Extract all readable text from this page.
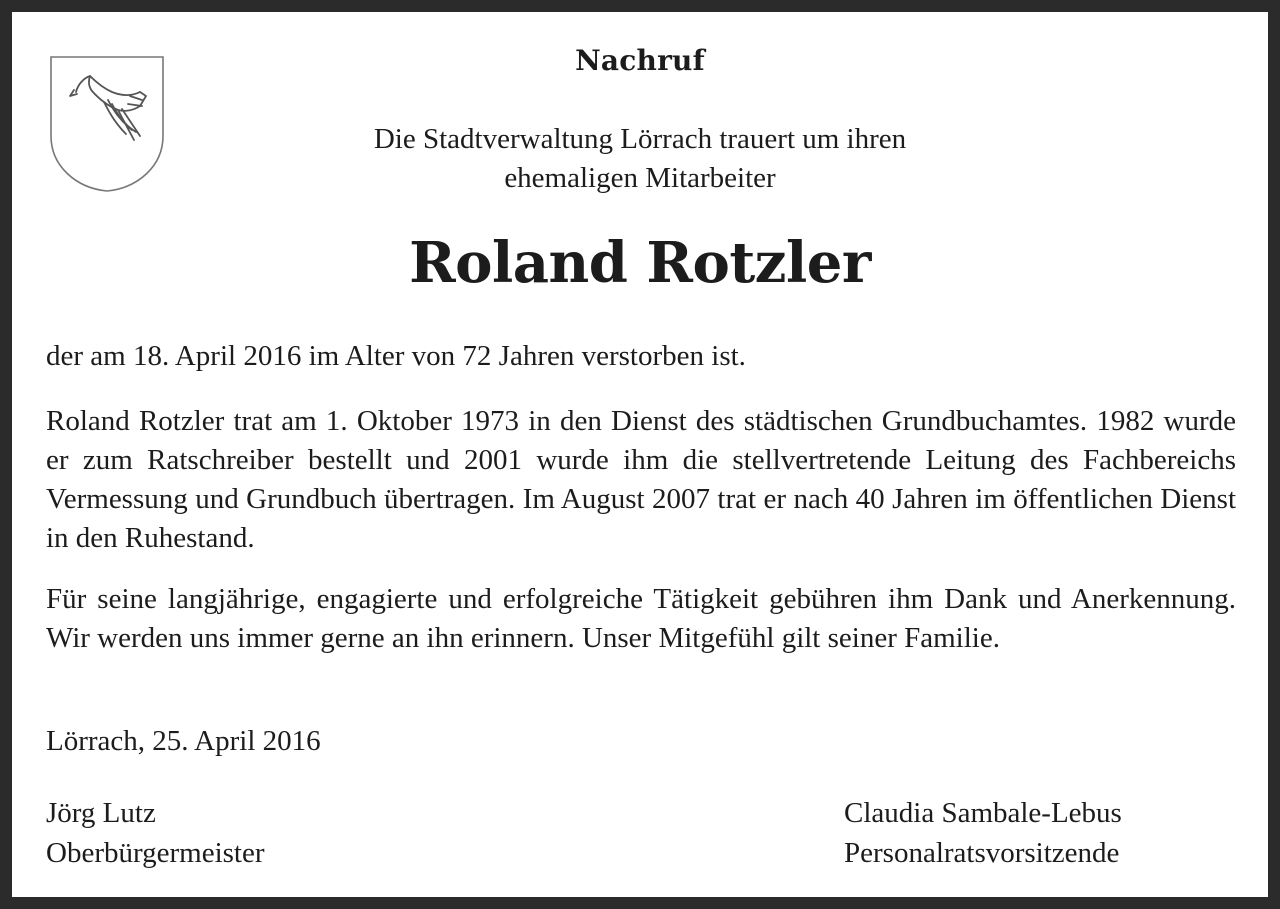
Nachruf
Die Stadtverwaltung Lörrach trauert um ihren
ehemaligen Mitarbeiter
Roland Rotzler
der am 18. April 2016 im Alter von 72 Jahren verstorben ist.
Roland Rotzler trat am 1. Oktober 1973 in den Dienst des städtischen Grundbuchamtes. 1982 wurde er zum Ratschreiber bestellt und 2001 wurde ihm die stellvertretende Leitung des Fachbereichs Vermessung und Grundbuch übertragen. Im August 2007 trat er nach 40 Jahren im öffentlichen Dienst in den Ruhestand.
Für seine langjährige, engagierte und erfolgreiche Tätigkeit gebühren ihm Dank und Anerkennung. Wir werden uns immer gerne an ihn erinnern. Unser Mitgefühl gilt seiner Familie.
Lörrach, 25. April 2016
Jörg Lutz
Oberbürgermeister
Claudia Sambale-Lebus
Personalratsvorsitzende
